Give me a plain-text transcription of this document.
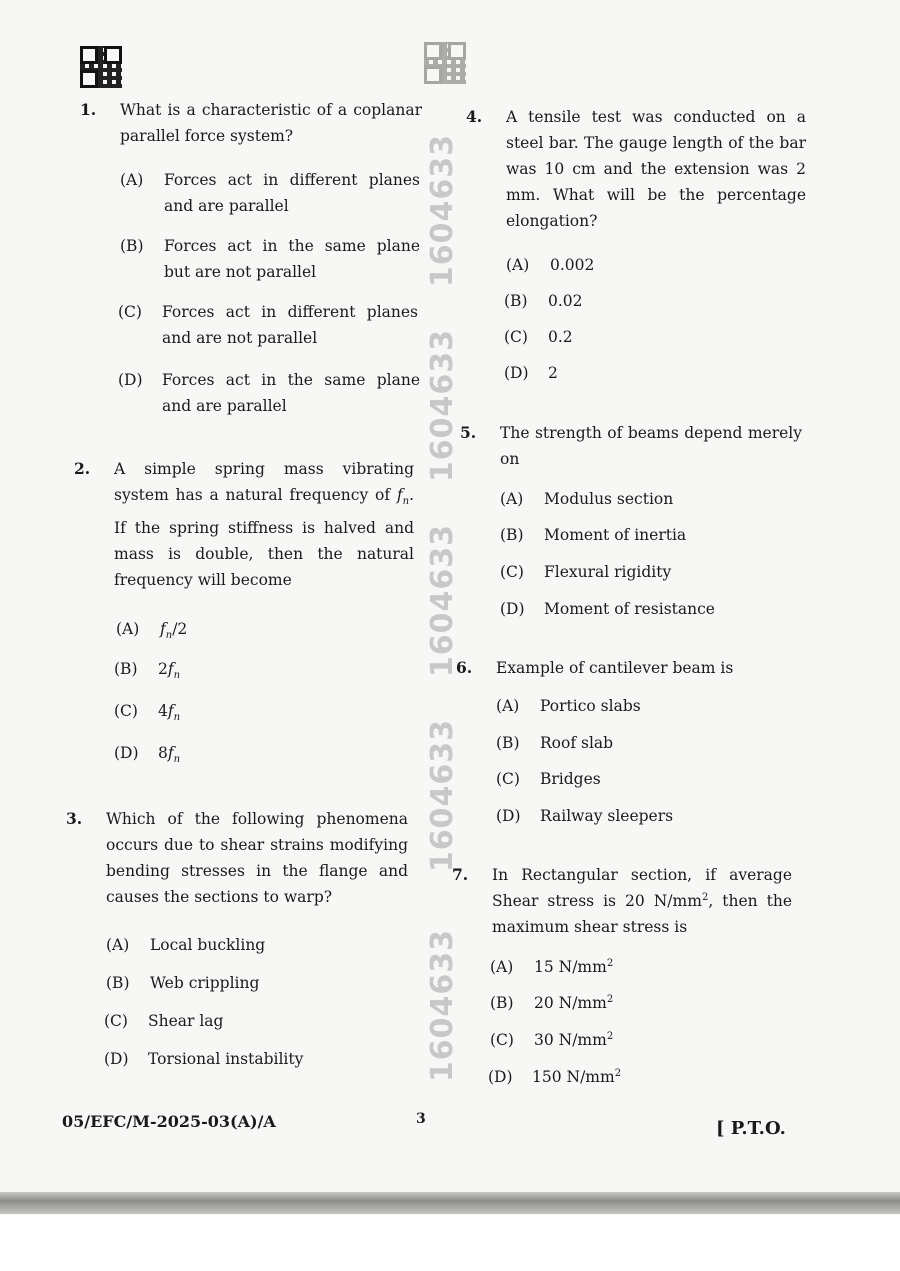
1604633
1604633
1604633
1604633
1604633
1. What is a characteristic of a coplanar parallel force system?
(A) Forces act in different planes and are parallel
(B) Forces act in the same plane but are not parallel
(C) Forces act in different planes and are not parallel
(D) Forces act in the same plane and are parallel
2. A simple spring mass vibrating system has a natural frequency of $f_n$. If the spring stiffness is halved and mass is double, then the natural frequency will become
(A) $f_n/2$
(B) $2f_n$
(C) $4f_n$
(D) $8f_n$
3. Which of the following phenomena occurs due to shear strains modifying bending stresses in the flange and causes the sections to warp?
(A) Local buckling
(B) Web crippling
(C) Shear lag
(D) Torsional instability
4. A tensile test was conducted on a steel bar. The gauge length of the bar was 10 cm and the extension was 2 mm. What will be the percentage elongation?
(A) 0.002
(B) 0.02
(C) 0.2
(D) 2
5. The strength of beams depend merely on
(A) Modulus section
(B) Moment of inertia
(C) Flexural rigidity
(D) Moment of resistance
6. Example of cantilever beam is
(A) Portico slabs
(B) Roof slab
(C) Bridges
(D) Railway sleepers
7. In Rectangular section, if average Shear stress is 20 $N/mm^2$, then the maximum shear stress is
(A) 15 $N/mm^2$
(B) 20 $N/mm^2$
(C) 30 $N/mm^2$
(D) 150 $N/mm^2$
05/EFC/M-2025-03(A)/A	3	[ P.T.O.
